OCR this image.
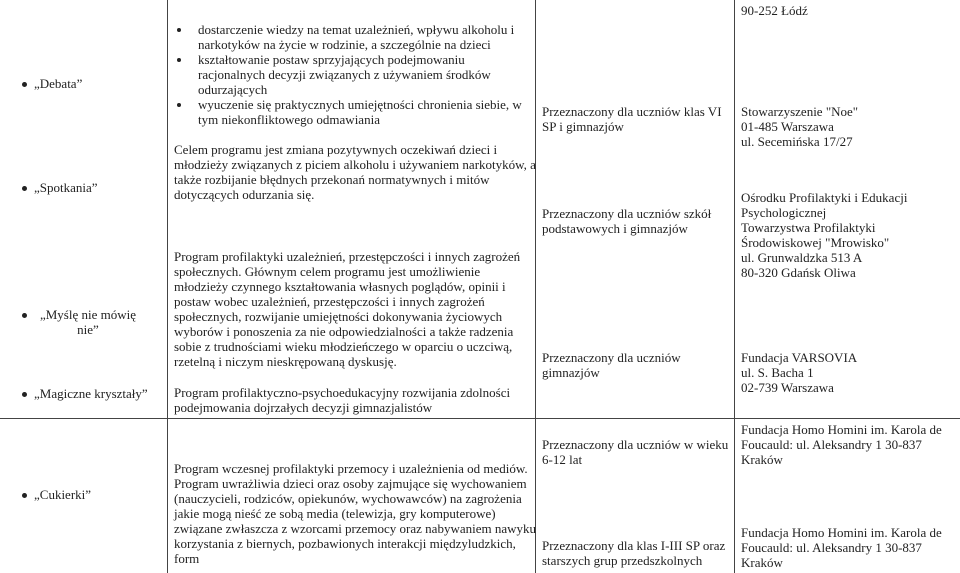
„Debata”
„Spotkania”
„Myślę nie mówię nie”
„Magiczne kryształy”
„Cukierki”
dostarczenie wiedzy na temat uzależnień, wpływu alkoholu i narkotyków na życie w rodzinie, a szczególnie na dzieci
kształtowanie postaw sprzyjających podejmowaniu racjonalnych decyzji związanych z używaniem środków odurzających
wyuczenie się praktycznych umiejętności chronienia siebie, w tym niekonfliktowego odmawiania
Celem programu jest zmiana pozytywnych oczekiwań dzieci i młodzieży związanych z piciem alkoholu i używaniem narkotyków, a także rozbijanie błędnych przekonań normatywnych i mitów dotyczących odurzania się.
Program profilaktyki uzależnień, przestępczości i innych zagrożeń społecznych. Głównym celem programu jest umożliwienie młodzieży czynnego kształtowania własnych poglądów, opinii i postaw wobec uzależnień, przestępczości i innych zagrożeń społecznych, rozwijanie umiejętności dokonywania życiowych wyborów i ponoszenia za nie odpowiedzialności a także radzenia sobie z trudnościami wieku młodzieńczego w oparciu o uczciwą, rzetelną i niczym nieskrępowaną dyskusję.
Program profilaktyczno-psychoedukacyjny rozwijania zdolności podejmowania dojrzałych decyzji gimnazjalistów
Program wczesnej profilaktyki przemocy i uzależnienia od mediów. Program uwrażliwia dzieci oraz osoby zajmujące się wychowaniem (nauczycieli, rodziców, opiekunów, wychowawców) na zagrożenia jakie mogą nieść ze sobą media (telewizja, gry komputerowe) związane zwłaszcza z wzorcami przemocy oraz nabywaniem nawyku korzystania z biernych, pozbawionych interakcji międzyludzkich, form
Przeznaczony dla uczniów klas VI SP i gimnazjów
Przeznaczony dla uczniów szkół podstawowych i gimnazjów
Przeznaczony dla uczniów gimnazjów
Przeznaczony dla uczniów w wieku 6-12 lat
Przeznaczony dla klas I-III SP oraz starszych grup przedszkolnych
90-252 Łódź
Stowarzyszenie "Noe"
01-485 Warszawa
ul. Secemińska 17/27
Ośrodku Profilaktyki i Edukacji Psychologicznej
Towarzystwa Profilaktyki Środowiskowej "Mrowisko"
ul. Grunwaldzka 513 A
80-320 Gdańsk Oliwa
Fundacja VARSOVIA
ul. S. Bacha 1
02-739 Warszawa
Fundacja Homo Homini im. Karola de Foucauld: ul. Aleksandry 1 30-837 Kraków
Fundacja Homo Homini im. Karola de Foucauld: ul. Aleksandry 1 30-837 Kraków
